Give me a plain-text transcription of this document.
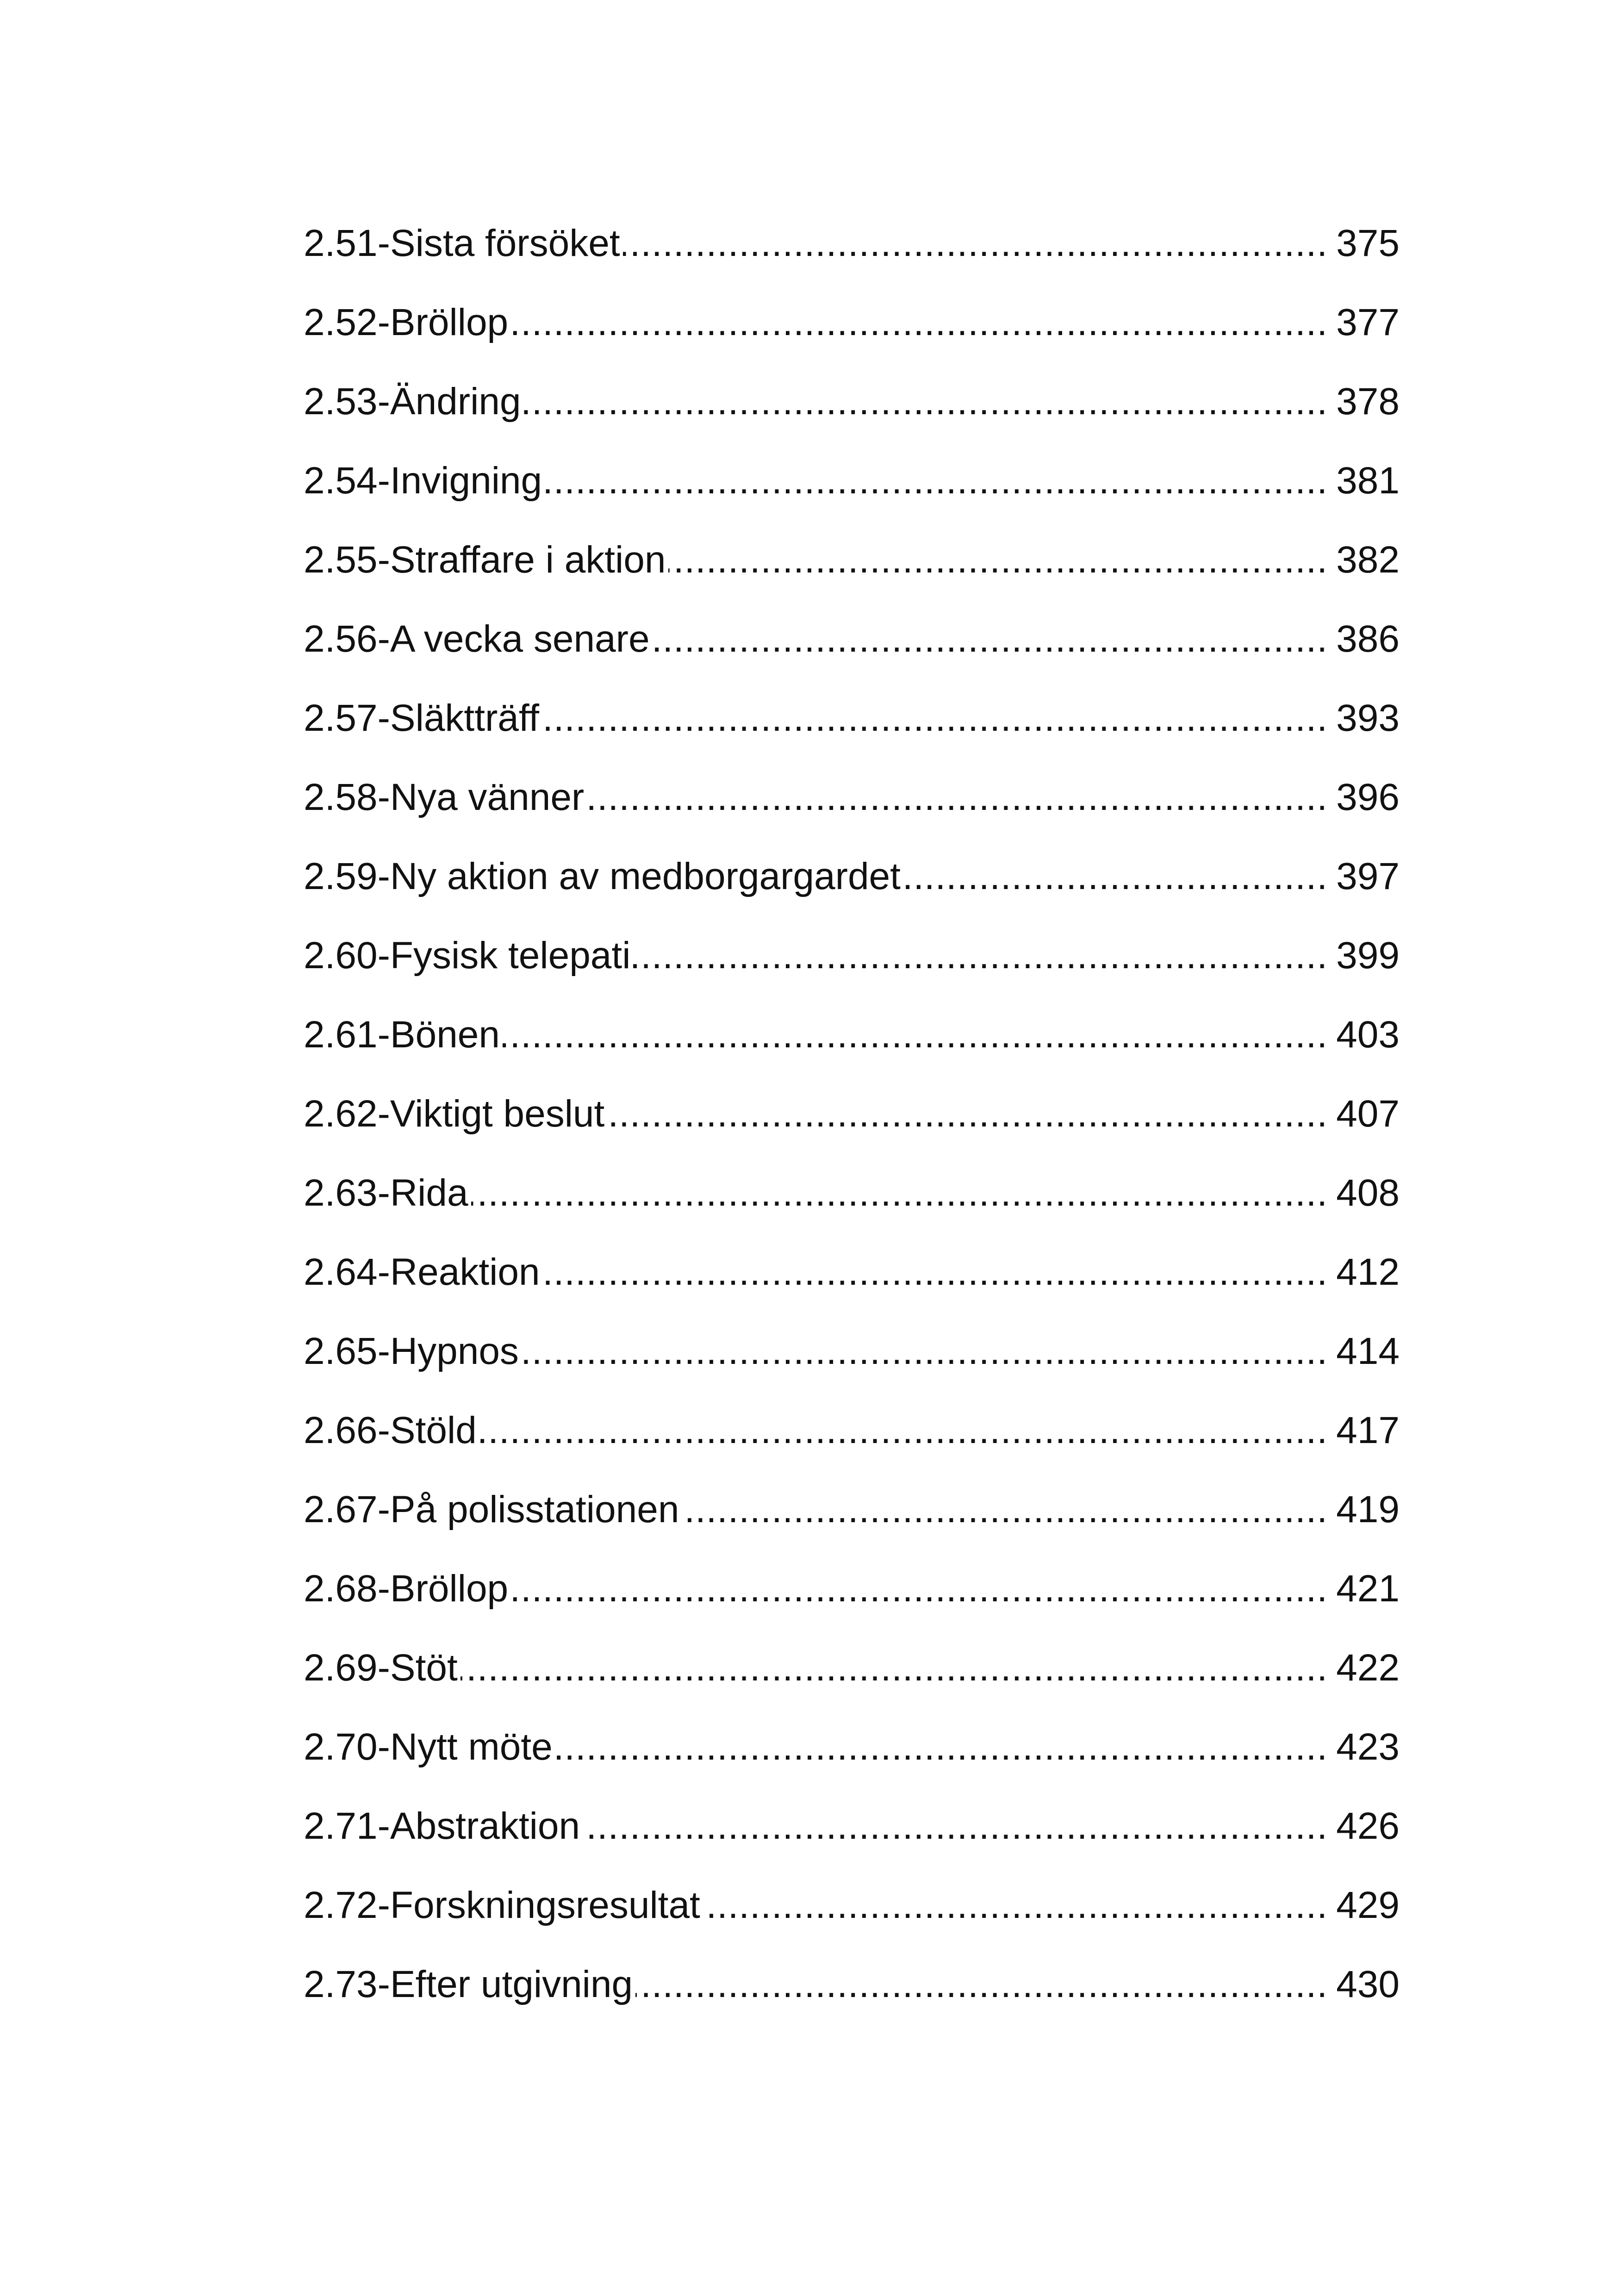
2.51-Sista försöket . . .	375
2.52-Bröllop . . .	377
2.53-Ändring . . .	378
2.54-Invigning . . .	381
2.55-Straffare i aktion . . .	382
2.56-A vecka senare . . .	386
2.57-Släktträff . . .	393
2.58-Nya vänner . . .	396
2.59-Ny aktion av medborgargardet . . .	397
2.60-Fysisk telepati . . .	399
2.61-Bönen . . .	403
2.62-Viktigt beslut . . .	407
2.63-Rida . . .	408
2.64-Reaktion . . .	412
2.65-Hypnos . . .	414
2.66-Stöld . . .	417
2.67-På polisstationen . . .	419
2.68-Bröllop . . .	421
2.69-Stöt . . .	422
2.70-Nytt möte . . .	423
2.71-Abstraktion . . .	426
2.72-Forskningsresultat . . .	429
2.73-Efter utgivning . . .	430
